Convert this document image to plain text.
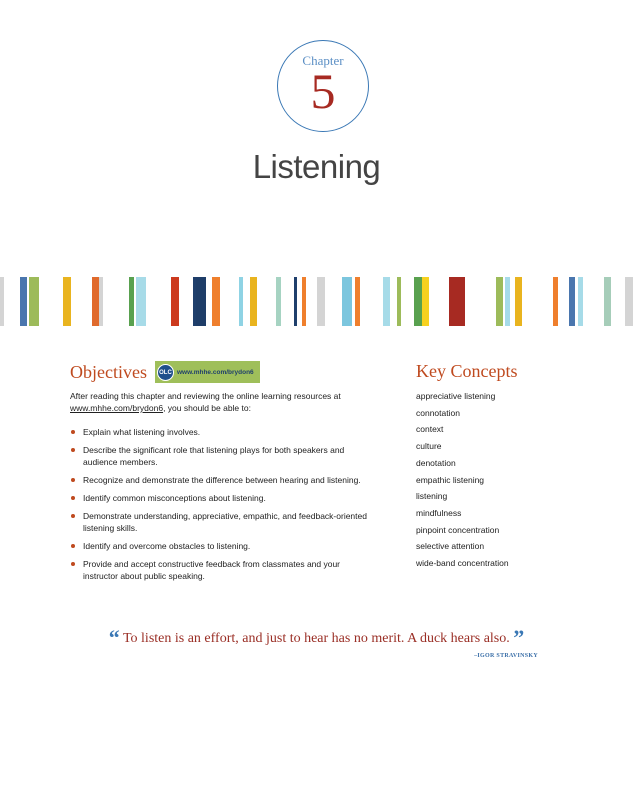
Chapter
5
Listening
Objectives	OLC www.mhhe.com/brydon6
After reading this chapter and reviewing the online learning resources at www.mhhe.com/brydon6, you should be able to:
Explain what listening involves.
Describe the significant role that listening plays for both speakers and audience members.
Recognize and demonstrate the difference between hearing and listening.
Identify common misconceptions about listening.
Demonstrate understanding, appreciative, empathic, and feedback-oriented listening skills.
Identify and overcome obstacles to listening.
Provide and accept constructive feedback from classmates and your instructor about public speaking.
Key Concepts
appreciative listening
connotation
context
culture
denotation
empathic listening
listening
mindfulness
pinpoint concentration
selective attention
wide-band concentration
“ To listen is an effort, and just to hear has no merit. A duck hears also. ”
–IGOR STRAVINSKY
